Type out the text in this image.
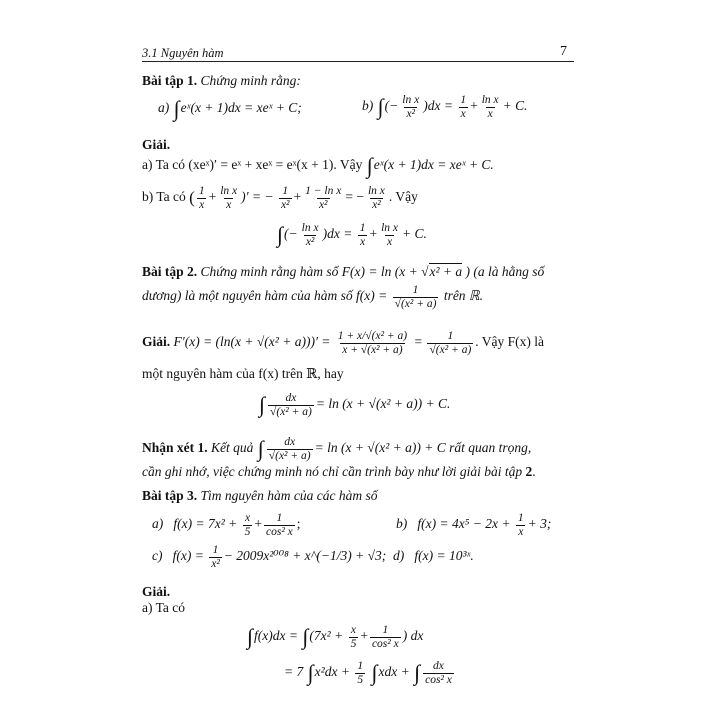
3.1 Nguyên hàm	7
Bài tập 1. Chứng minh rằng:
a) ∫eˣ(x + 1)dx = xeˣ + C;	b) ∫(− $\frac{\text{ln x}}{\text{x²}} )dx = \frac{1}{x} + \frac{\text{ln x}}{x} + C$.
Giải.
a) Ta có (xeˣ)′ = eˣ + xeˣ = eˣ(x + 1). Vậy ∫eˣ(x + 1)dx = xeˣ + C.
b) Ta có ( $\frac{1}{x} + \frac{\text{ln x}}{x}$ )′ = − $\frac{1}{\text{x²}} + \frac{\text{1 − ln x}}{\text{x²}}$ = − $\frac{\text{ln x}}{\text{x²}}$ . Vậy
∫(− $\frac{\text{ln x}}{\text{x²}} )dx = \frac{1}{x} + \frac{\text{ln x}}{x} + C$.
Bài tập 2. Chứng minh rằng hàm số F(x) = ln (x + √x² + a ) (a là hằng số
dương) là một nguyên hàm của hàm số $f(x) = \frac{1}{\text{√(x² + a)}}$ trên ℝ.
Giải. $F'(x) = (\ln(x + √(x^2 + a)))' = \frac{\text{1 + x/√(x² + a)}}{\text{x + √(x² + a)}} = \frac{1}{\text{√(x² + a)}}$ . Vậy F(x) là
một nguyên hàm của f(x) trên ℝ, hay
∫ $\frac{dx}{\text{√(x² + a)}} = \ln (x + √(x^2 + a)) + C$.
Nhận xét 1. Kết quả ∫ $\frac{dx}{\text{√(x² + a)}} = \ln (x + √(x^2 + a)) + C$ rất quan trọng,
cần ghi nhớ, việc chứng minh nó chỉ cần trình bày như lời giải bài tập 2.
Bài tập 3. Tìm nguyên hàm của các hàm số
a) $f(x) = 7x^2 + \frac{x}{5} + \frac{1}{\text{cos² x}}$ ;	b) $f(x) = 4x^5 - 2x + \frac{1}{x} + 3$;
c) $f(x) = \frac{1}{\text{x²}} - 2009x^{2008}$ + x^(−1/3) + √3; d) f(x) = 10³ˣ.
Giải.
a) Ta có
$\int f(x)dx = \int(7x^2 + \frac{x}{5} + \frac{1}{\text{cos² x}}$ ) dx
= 7 $\int x^2dx + \frac{1}{5} \int xdx$ + ∫ $\frac{dx}{\text{cos² x}}$
